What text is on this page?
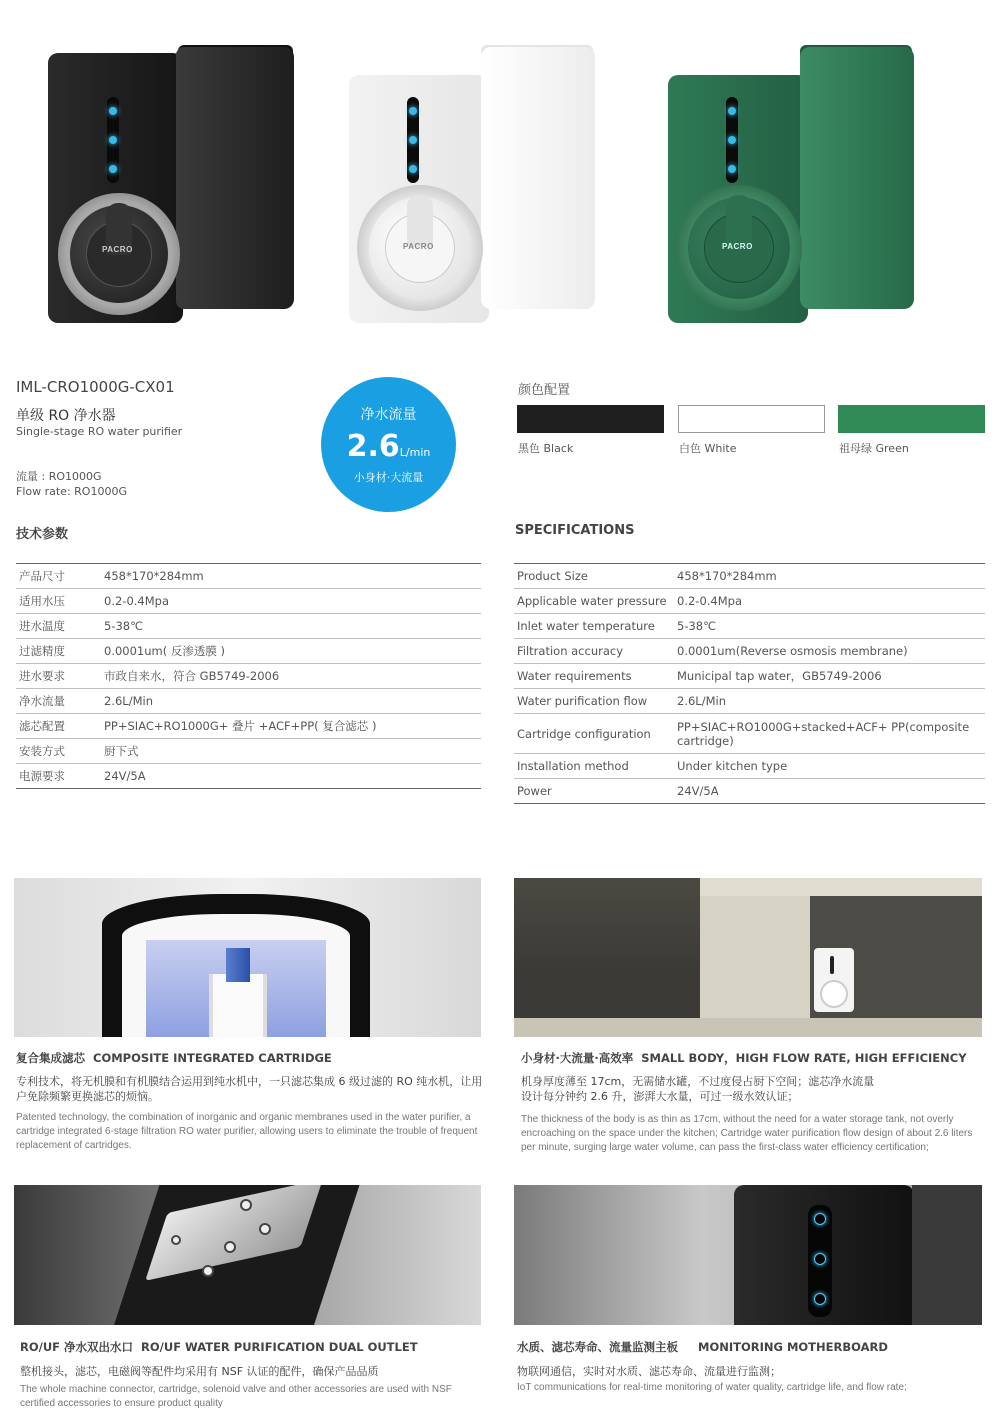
PACRO	PACRO	PACRO
IML-CRO1000G-CX01
单级 RO 净水器
Single-stage RO water purifier
流量 : RO1000G
Flow rate: RO1000G
净水流量
2.6L/min
小身材·大流量
颜色配置
黑色 Black	白色 White	祖母绿 Green
技术参数	SPECIFICATIONS
产品尺寸	458*170*284mm
适用水压	0.2-0.4Mpa
进水温度	5-38℃
过滤精度	0.0001um( 反渗透膜 )
进水要求	市政自来水，符合 GB5749-2006
净水流量	2.6L/Min
滤芯配置	PP+SIAC+RO1000G+ 叠片 +ACF+PP( 复合滤芯 )
安装方式	厨下式
电源要求	24V/5A
Product Size	458*170*284mm
Applicable water pressure	0.2-0.4Mpa
Inlet water temperature	5-38℃
Filtration accuracy	0.0001um(Reverse osmosis membrane)
Water requirements	Municipal tap water，GB5749-2006
Water purification flow	2.6L/Min
Cartridge configuration	PP+SIAC+RO1000G+stacked+ACF+ PP(composite cartridge)
Installation method	Under kitchen type
Power	24V/5A
复合集成滤芯 COMPOSITE INTEGRATED CARTRIDGE
专利技术，将无机膜和有机膜结合运用到纯水机中，一只滤芯集成 6 级过滤的 RO 纯水机，让用户免除频繁更换滤芯的烦恼。
Patented technology, the combination of inorganic and organic membranes used in the water purifier, a cartridge integrated 6-stage filtration RO water purifier, allowing users to eliminate the trouble of frequent replacement of cartridges.
小身材·大流量·高效率 SMALL BODY，HIGH FLOW RATE, HIGH EFFICIENCY
机身厚度薄至 17cm，无需储水罐，不过度侵占厨下空间；滤芯净水流量设计每分钟约 2.6 升，澎湃大水量，可过一级水效认证；
The thickness of the body is as thin as 17cm, without the need for a water storage tank, not overly encroaching on the space under the kitchen; Cartridge water purification flow design of about 2.6 liters per minute, surging large water volume, can pass the first-class water efficiency certification;
RO/UF 净水双出水口 RO/UF WATER PURIFICATION DUAL OUTLET
整机接头，滤芯，电磁阀等配件均采用有 NSF 认证的配件，确保产品品质
The whole machine connector, cartridge, solenoid valve and other accessories are used with NSF certified accessories to ensure product quality
水质、滤芯寿命、流量监测主板 MONITORING MOTHERBOARD
物联网通信，实时对水质、滤芯寿命、流量进行监测；
IoT communications for real-time monitoring of water quality, cartridge life, and flow rate;
